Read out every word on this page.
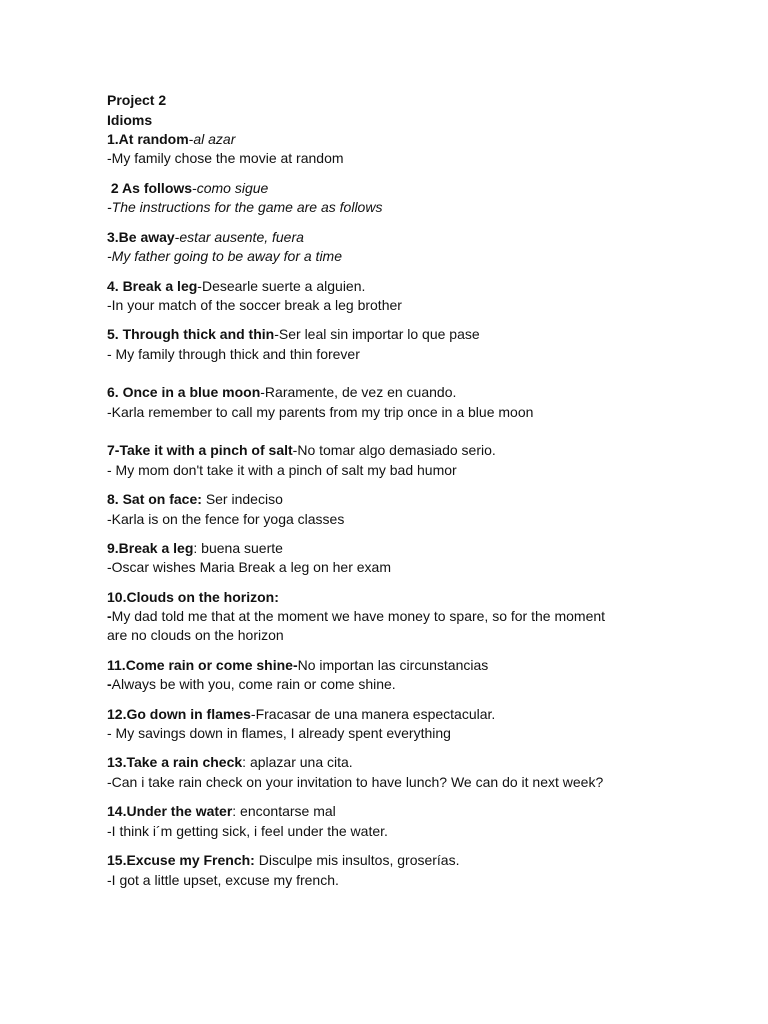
Project 2
Idioms
1.At random-al azar
-My family chose the movie at random
2 As follows-como sigue
-The instructions for the game are as follows
3.Be away-estar ausente, fuera
-My father going to be away for a time
4. Break a leg-Desearle suerte a alguien.
-In your match of the soccer break a leg brother
5. Through thick and thin-Ser leal sin importar lo que pase
- My family through thick and thin forever
6. Once in a blue moon-Raramente, de vez en cuando.
-Karla remember to call my parents from my trip once in a blue moon
7-Take it with a pinch of salt-No tomar algo demasiado serio.
- My mom don't take it with a pinch of salt my bad humor
8. Sat on face: Ser indeciso
-Karla is on the fence for yoga classes
9.Break a leg: buena suerte
-Oscar wishes Maria Break a leg on her exam
10.Clouds on the horizon:
-My dad told me that at the moment we have money to spare, so for the moment
are no clouds on the horizon
11.Come rain or come shine-No importan las circunstancias
-Always be with you, come rain or come shine.
12.Go down in flames-Fracasar de una manera espectacular.
- My savings down in flames, I already spent everything
13.Take a rain check: aplazar una cita.
-Can i take rain check on your invitation to have lunch? We can do it next week?
14.Under the water: encontarse mal
-I think i´m getting sick, i feel under the water.
15.Excuse my French: Disculpe mis insultos, groserías.
-I got a little upset, excuse my french.
